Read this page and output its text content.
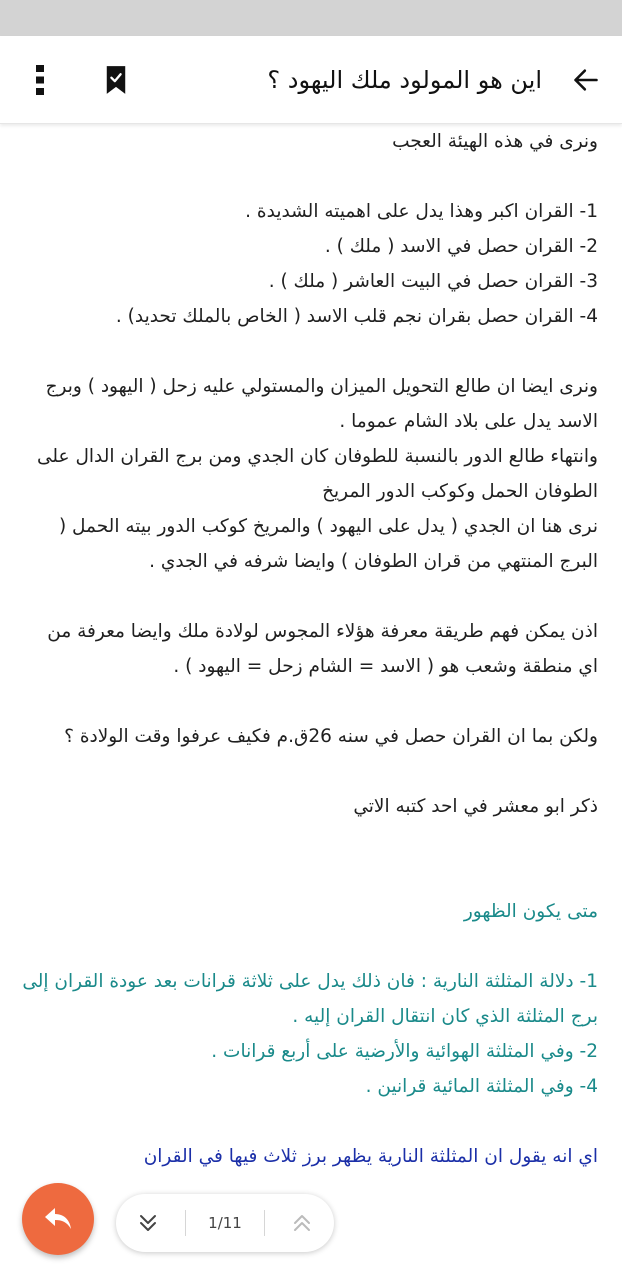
اين هو المولود ملك اليهود ؟

ونرى في هذه الهيئة العجب

1- القران اكبر وهذا يدل على اهميته الشديدة .

2- القران حصل في الاسد ( ملك ) .

3- القران حصل في البيت العاشر ( ملك ) .

4- القران حصل بقران نجم قلب الاسد ( الخاص بالملك تحديد) .

ونرى ايضا ان طالع التحويل الميزان والمستولي عليه زحل ( اليهود ) وبرج الاسد يدل على بلاد الشام عموما .

وانتهاء طالع الدور بالنسبة للطوفان كان الجدي ومن برج القران الدال على الطوفان الحمل وكوكب الدور المريخ

نرى هنا ان الجدي ( يدل على اليهود ) والمريخ كوكب الدور بيته الحمل ( البرج المنتهي من قران الطوفان ) وايضا شرفه في الجدي .

اذن يمكن فهم طريقة معرفة هؤلاء المجوس لولادة ملك وايضا معرفة من اي منطقة وشعب هو ( الاسد = الشام زحل = اليهود ) .

ولكن بما ان القران حصل في سنه 26ق.م فكيف عرفوا وقت الولادة ؟

ذكر ابو معشر في احد كتبه الاتي

متى يكون الظهور

1- دلالة المثلثة النارية : فان ذلك يدل على ثلاثة قرانات بعد عودة القران إلى برج المثلثة الذي كان انتقال القران إليه .

2- وفي المثلثة الهوائية والأرضية على أربع قرانات .

4- وفي المثلثة المائية قرانين .

اي انه يقول ان المثلثة النارية يظهر برز ثلاث فيها في القران

1/11
